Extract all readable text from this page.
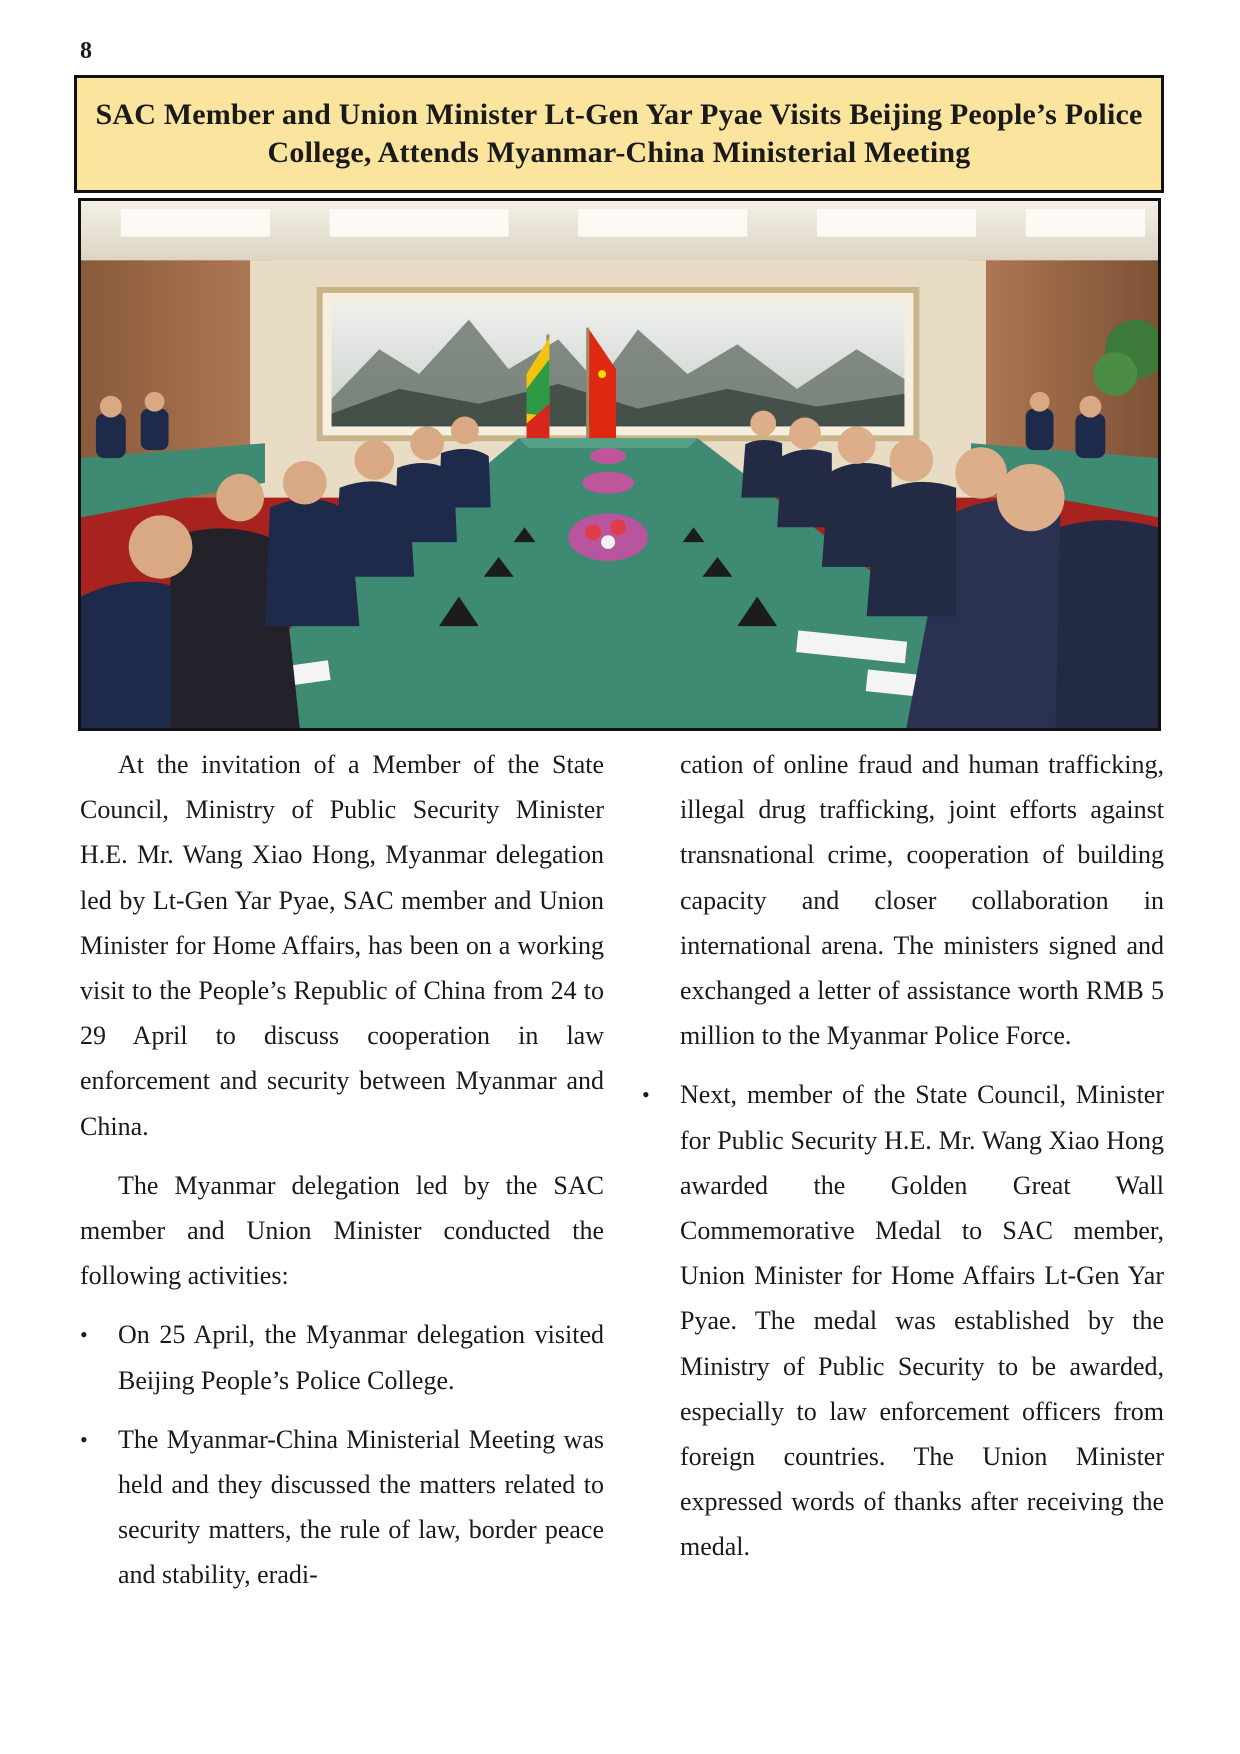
8
SAC Member and Union Minister Lt-Gen Yar Pyae Visits Beijing People’s Police College, Attends Myanmar-China Ministerial Meeting

At the invitation of a Member of the State Council, Ministry of Public Security Minister H.E. Mr. Wang Xiao Hong, Myanmar delegation led by Lt-Gen Yar Pyae, SAC member and Union Minister for Home Affairs, has been on a working visit to the People’s Republic of China from 24 to 29 April to discuss cooperation in law enforcement and security between Myanmar and China.

The Myanmar delegation led by the SAC member and Union Minister conducted the following activities:

• On 25 April, the Myanmar delegation visited Beijing People’s Police College.
• The Myanmar-China Ministerial Meeting was held and they discussed the matters related to security matters, the rule of law, border peace and stability, eradi-

cation of online fraud and human trafficking, illegal drug trafficking, joint efforts against transnational crime, cooperation of building capacity and closer collaboration in international arena. The ministers signed and exchanged a letter of assistance worth RMB 5 million to the Myanmar Police Force.

• Next, member of the State Council, Minister for Public Security H.E. Mr. Wang Xiao Hong awarded the Golden Great Wall Commemorative Medal to SAC member, Union Minister for Home Affairs Lt-Gen Yar Pyae. The medal was established by the Ministry of Public Security to be awarded, especially to law enforcement officers from foreign countries. The Union Minister expressed words of thanks after receiving the medal.
